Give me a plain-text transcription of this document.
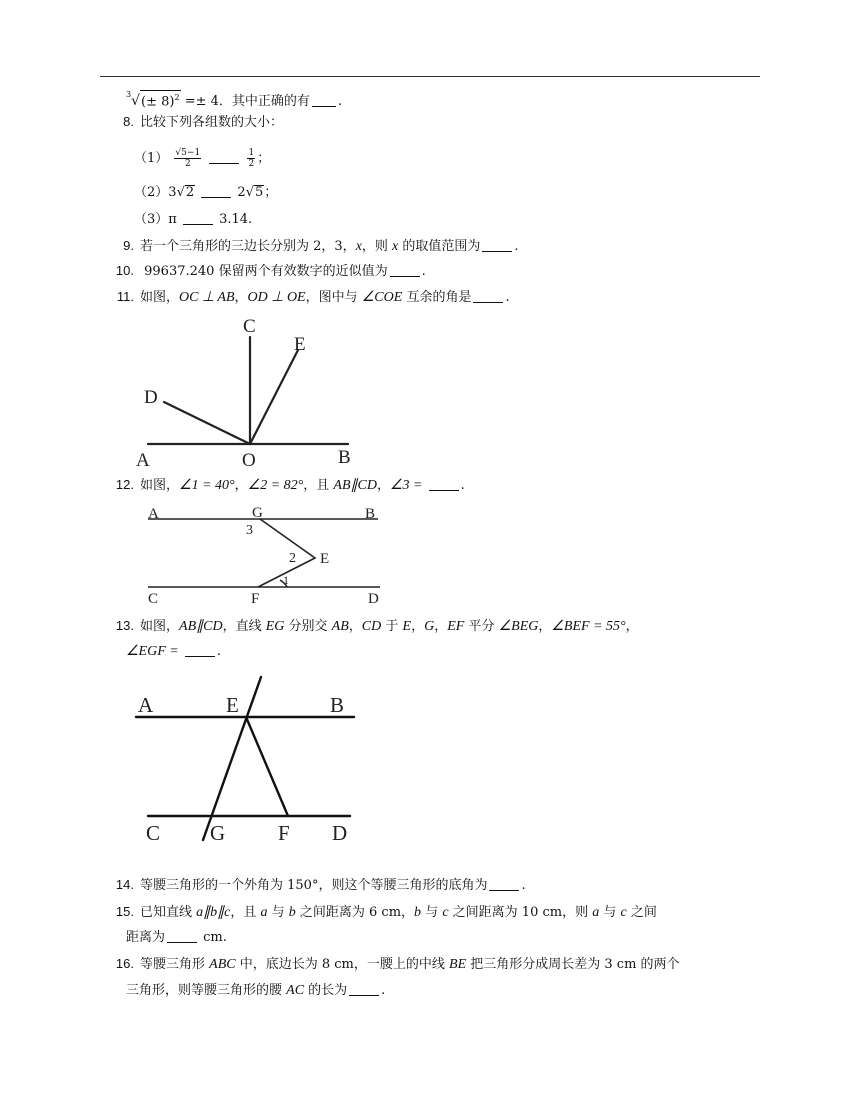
$^3√(\pm 8)^2 =\pm 4$．其中正确的有 .
8. 比较下列各组数的大小：
$(1) \frac{√5-1}{2}$
	$\frac{1}{2}$ ；
（2）3√2	2√5；
（3）π	3.14.
9. 若一个三角形的三边长分别为 2，3，x，则 x 的取值范围为	.
10. 99637.240 保留两个有效数字的近似值为	.
11. 如图，OC ⊥ AB，OD ⊥ OE，图中与 ∠COE 互余的角是	.
C
E
D
A	O	B
12. 如图，∠1 = 40°，∠2 = 82°，且 AB∥CD，∠3 =	.
A	G	B
3
2 E
1
C	F	D
13. 如图，AB∥CD，直线 EG 分别交 AB，CD 于 E，G，EF 平分 ∠BEG，∠BEF = 55°，
∠EGF =	.
A	E	B
C G	F D
14. 等腰三角形的一个外角为 150°，则这个等腰三角形的底角为	.
15. 已知直线 a∥b∥c，且 a 与 b 之间距离为 6 cm，b 与 c 之间距离为 10 cm，则 a 与 c 之间
距离为	cm.
16. 等腰三角形 ABC 中，底边长为 8 cm，一腰上的中线 BE 把三角形分成周长差为 3 cm 的两个
三角形，则等腰三角形的腰 AC 的长为	.
